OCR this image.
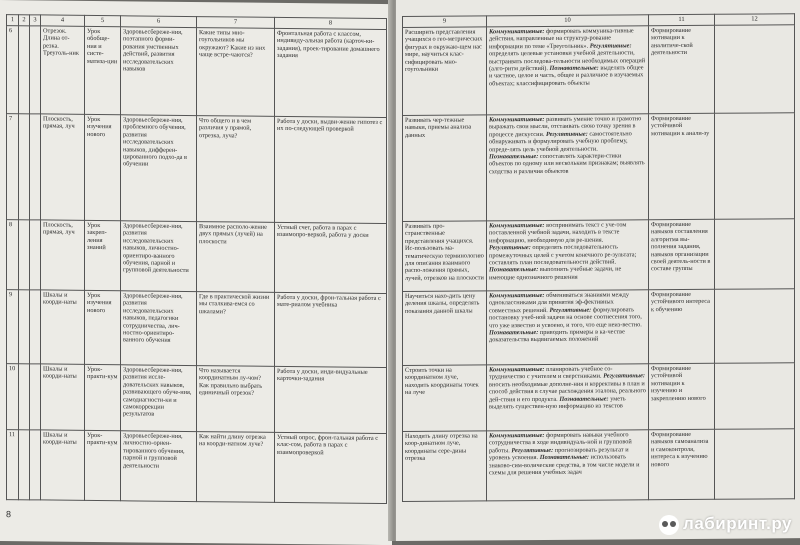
1	2	3	4	5	6	7	8
6			Отрезок. Длина от-резка. Треуголь-ник	Урок обобще-ния и систе-матиза-ции	Здоровьесбереже-ния, поэтапного форми-рования умственных действий, развития исследовательских навыков	Какие типы мно-гоугольников мы окружают? Какие из них чаще встре-чаются?	Фронтальная работа с классом, индивиду-альная работа (карточ-ки-задания), проек-тирование домашнего задания
7			Плоскость, прямая, луч	Урок изучения нового	Здоровьесбереже-ния, проблемного обучения, развития исследовательских навыков, дифферен-цированного подхо-да в обучении	Что общего и в чем различия у прямой, отрезка, луча?	Работа у доски, выдви-жение гипотез с их по-следующей проверкой
8			Плоскость, прямая, луч	Урок закреп-ления знаний	Здоровьесбереже-ния, развития исследовательских навыков, личностно-ориентиро-ванного обучения, парной и групповой деятельности	Взаимное располо-жение двух прямых (лучей) на плоскости	Устный счет, работа в парах с взаимопро-веркой, работа у доски
9			Шкалы и коорди-наты	Урок изучения нового	Здоровьесбереже-ния, развития исследовательских навыков, педагогики сотрудничества, лич-ностно-ориентиро-ванного обучения	Где в практической жизни мы сталкива-емся со шкалами?	Работа у доски, фрон-тальная работа с мате-риалом учебника
10			Шкалы и коорди-наты	Урок-практи-кум	Здоровьесбереже-ния, развития иссле-довательских навыков, развивающего обуче-ния, самодиагности-ки и самокоррекции результатов	Что называется координатным лу-чом? Как правильно выбрать единичный отрезок?	Работа у доски, инди-видуальные карточки-задания
11			Шкалы и коорди-наты	Урок-практи-кум	Здоровьесбереже-ния, личностно-ориен-тированного обучения, парной и групповой деятельности	Как найти длину отрезка на коорди-натном луче?	Устный опрос, фрон-тальная работа с клас-сом, работа в парах с взаимопроверкой
8
9	10	11	12
Расширить представления учащихся о гео-метрических фигурах в окружаю-щем нас мире, научиться клас-сифицировать мно-гоугольники	Коммуникативные: формировать коммуника-тивные действия, направленные на структур-рование информации по теме «Треугольник». Регулятивные: определять целевые установки учебной деятельности, выстраивать последова-тельности необходимых операций (алго-ритм действий). Познавательные: выделять общее и частное, целое и часть, общее и различное в изучаемых объектах; классифицировать объекты	Формирование мотивации к аналитиче-ской деятельности	
Развивать чер-тежные навыки, приемы анализа данных	Коммуникативные: развивать умение точно и грамотно выражать свои мысли, отстаивать свою точку зрения в процессе дискуссии. Регулятивные: самостоятельно обнаруживать и формулировать учебную проблему, опреде-лять цель учебной деятельности. Познавательные: сопоставлять характери-стики объектов по одному или нескольким признакам; выявлять сходства и различия объектов	Формирование устойчивой мотивации к анали-зу	
Развивать про-странственные представления учащихся. Ис-пользовать ма-тематическую терминологию для описания взаимного распо-ложения прямых, лучей, отрезков на плоскости	Коммуникативные: воспринимать текст с уче-том поставленной учебной задачи, находить в тексте информацию, необходимую для ре-шения. Регулятивные: определять последовательность промежуточных целей с учетом конечного ре-зультата; составлять план последовательности действий. Познавательные: выполнять учебные задачи, не имеющие однозначного решения	Формирование навыков составления алгоритма вы-полнения задания, навыков организации своей деятель-ности в составе группы	
Научиться нахо-дить цену деления шкалы, определять показания данной шкалы	Коммуникативные: обмениваться знаниями между одноклассниками для принятия эф-фективных совместных решений. Регулятивные: формулировать постановку учеб-ной задачи на основе соотнесения того, что уже известно и усвоено, и того, что еще неиз-вестно. Познавательные: приводить примеры в ка-честве доказательства выдвигаемых положений	Формирование устойчивого интереса к обучению	
Строить точки на координатном луче, находить координаты точек на луче	Коммуникативные: планировать учебное со-трудничество с учителем и сверстниками. Регулятивные: вносить необходимые дополне-ния и коррективы в план и способ действия в случае расхождения эталона, реального дей-ствия и его продукта. Познавательные: уметь выделять существен-ную информацию из текстов	Формирование устойчивой мотивации к изучению и закреплению нового	
Находить длину отрезка на коор-динатном луче, координаты сере-дины отрезка	Коммуникативные: формировать навыки учебного сотрудничества в ходе индивидуаль-ной и групповой работы. Регулятивные: прогнозировать результат и уровень усвоения. Познавательные: использовать знаково-сим-волические средства, в том числе модели и схемы для решения учебных задач	Формирование навыков самоанализа и самоконтроля, интереса к изучению нового	
лабиринт.ру
